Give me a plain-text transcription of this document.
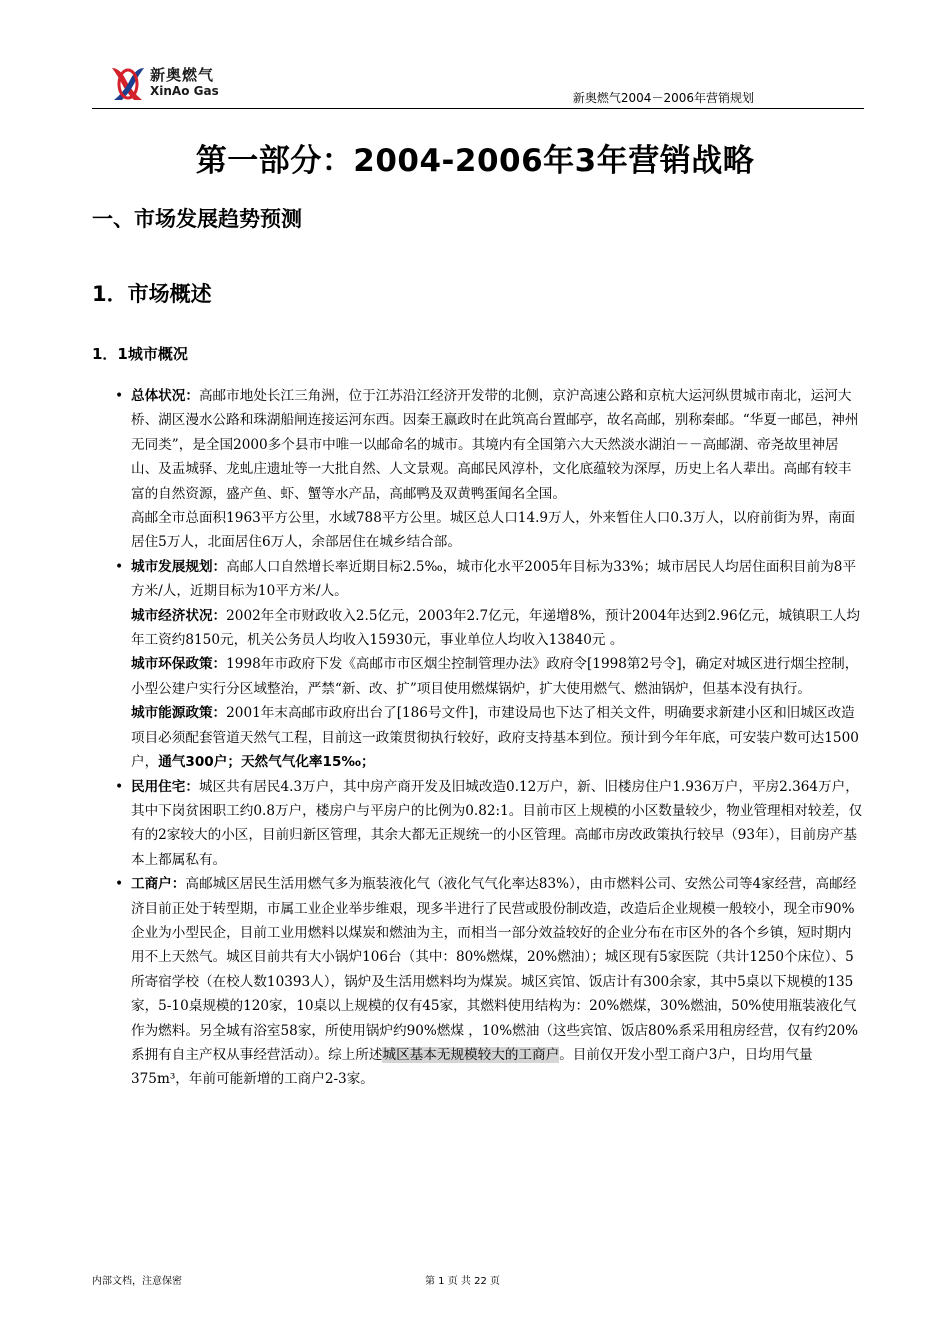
新奥燃气
XinAo Gas	新奥燃气2004－2006年营销规划
第一部分：2004-2006年3年营销战略
一、市场发展趋势预测
1．市场概述
1．1城市概况
• 总体状况：高邮市地处长江三角洲，位于江苏沿江经济开发带的北侧，京沪高速公路和京杭大运河纵贯城市南北，运河大桥、湖区漫水公路和珠湖船闸连接运河东西。因秦王嬴政时在此筑高台置邮亭，故名高邮，别称秦邮。“华夏一邮邑，神州无同类”，是全国2000多个县市中唯一以邮命名的城市。其境内有全国第六大天然淡水湖泊－－高邮湖、帝尧故里神居山、及盂城驿、龙虬庄遗址等一大批自然、人文景观。高邮民风淳朴，文化底蕴较为深厚，历史上名人辈出。高邮有较丰富的自然资源，盛产鱼、虾、蟹等水产品，高邮鸭及双黄鸭蛋闻名全国。
高邮全市总面积1963平方公里，水域788平方公里。城区总人口14.9万人，外来暂住人口0.3万人，以府前街为界，南面居住5万人，北面居住6万人，余部居住在城乡结合部。
• 城市发展规划：高邮人口自然增长率近期目标2.5‰，城市化水平2005年目标为33%；城市居民人均居住面积目前为8平方米/人，近期目标为10平方米/人。
城市经济状况：2002年全市财政收入2.5亿元，2003年2.7亿元，年递增8%，预计2004年达到2.96亿元，城镇职工人均年工资约8150元，机关公务员人均收入15930元，事业单位人均收入13840元 。
城市环保政策：1998年市政府下发《高邮市市区烟尘控制管理办法》政府令[1998第2号令]，确定对城区进行烟尘控制，小型公建户实行分区域整治，严禁“新、改、扩”项目使用燃煤锅炉，扩大使用燃气、燃油锅炉，但基本没有执行。
城市能源政策：2001年末高邮市政府出台了[186号文件]，市建设局也下达了相关文件，明确要求新建小区和旧城区改造项目必须配套管道天然气工程，目前这一政策贯彻执行较好，政府支持基本到位。预计到今年年底，可安装户数可达1500户，通气300户；天然气气化率15‰；
• 民用住宅：城区共有居民4.3万户，其中房产商开发及旧城改造0.12万户，新、旧楼房住户1.936万户，平房2.364万户，其中下岗贫困职工约0.8万户，楼房户与平房户的比例为0.82:1。目前市区上规模的小区数量较少，物业管理相对较差，仅有的2家较大的小区，目前归新区管理，其余大都无正规统一的小区管理。高邮市房改政策执行较早（93年），目前房产基本上都属私有。
• 工商户：高邮城区居民生活用燃气多为瓶装液化气（液化气气化率达83%），由市燃料公司、安然公司等4家经营，高邮经济目前正处于转型期，市属工业企业举步维艰，现多半进行了民营或股份制改造，改造后企业规模一般较小，现全市90%企业为小型民企，目前工业用燃料以煤炭和燃油为主，而相当一部分效益较好的企业分布在市区外的各个乡镇，短时期内用不上天然气。城区目前共有大小锅炉106台（其中：80%燃煤，20%燃油）；城区现有5家医院（共计1250个床位）、5所寄宿学校（在校人数10393人），锅炉及生活用燃料均为煤炭。城区宾馆、饭店计有300余家，其中5桌以下规模的135家，5-10桌规模的120家，10桌以上规模的仅有45家，其燃料使用结构为：20%燃煤，30%燃油，50%使用瓶装液化气作为燃料。另全城有浴室58家，所使用锅炉约90%燃煤 ，10%燃油（这些宾馆、饭店80%系采用租房经营，仅有约20%系拥有自主产权从事经营活动）。综上所述城区基本无规模较大的工商户。目前仅开发小型工商户3户，日均用气量375m³，年前可能新增的工商户2-3家。
内部文档，注意保密	第 1 页 共 22 页
